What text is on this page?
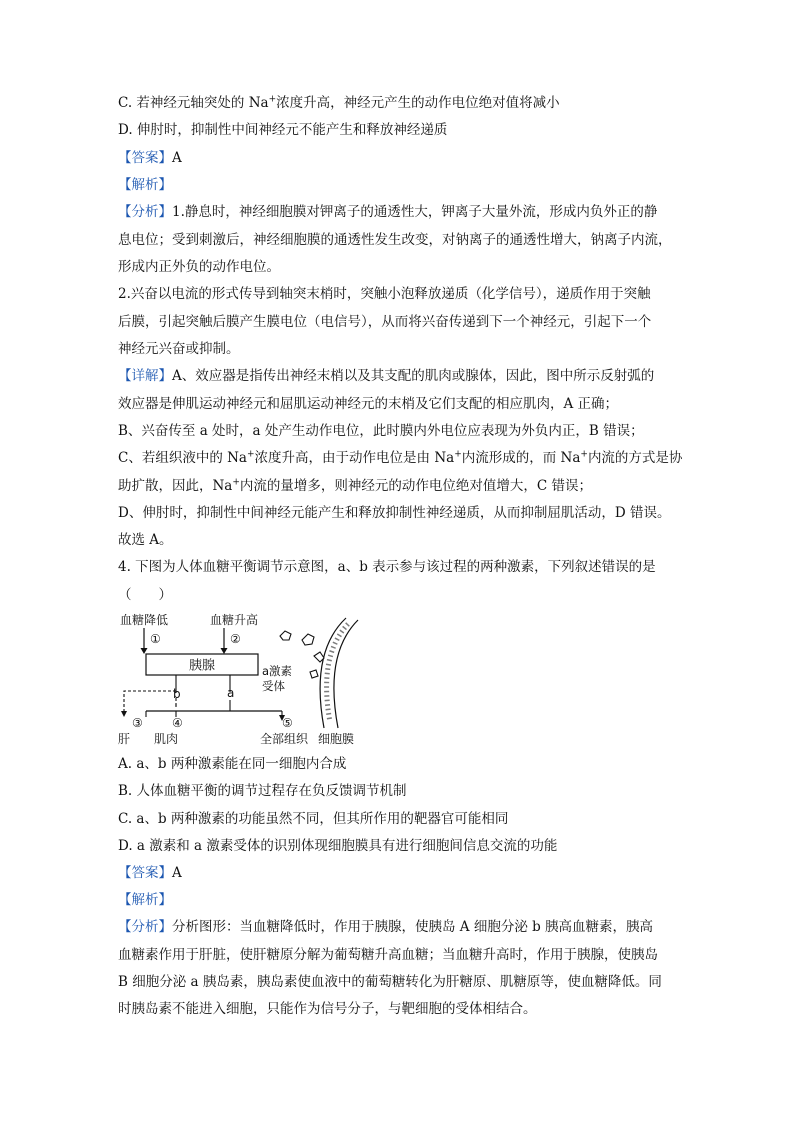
C. 若神经元轴突处的 Na+浓度升高，神经元产生的动作电位绝对值将减小
D. 伸肘时，抑制性中间神经元不能产生和释放神经递质
【答案】A
【解析】
【分析】1.静息时，神经细胞膜对钾离子的通透性大，钾离子大量外流，形成内负外正的静
息电位；受到刺激后，神经细胞膜的通透性发生改变，对钠离子的通透性增大，钠离子内流，
形成内正外负的动作电位。
2.兴奋以电流的形式传导到轴突末梢时，突触小泡释放递质（化学信号），递质作用于突触
后膜，引起突触后膜产生膜电位（电信号），从而将兴奋传递到下一个神经元，引起下一个
神经元兴奋或抑制。
【详解】A、效应器是指传出神经末梢以及其支配的肌肉或腺体，因此，图中所示反射弧的
效应器是伸肌运动神经元和屈肌运动神经元的末梢及它们支配的相应肌肉，A 正确；
B、兴奋传至 a 处时，a 处产生动作电位，此时膜内外电位应表现为外负内正，B 错误；
C、若组织液中的 Na+浓度升高，由于动作电位是由 Na+内流形成的，而 Na+内流的方式是协
助扩散，因此，Na+内流的量增多，则神经元的动作电位绝对值增大，C 错误；
D、伸肘时，抑制性中间神经元能产生和释放抑制性神经递质，从而抑制屈肌活动，D 错误。
故选 A。
4. 下图为人体血糖平衡调节示意图，a、b 表示参与该过程的两种激素，下列叙述错误的是
（　　）
血糖降低	血糖升高
①	②
胰腺	a激素
受体
b	a
③ ④	⑤
肝 肌肉	全部组织 细胞膜
A. a、b 两种激素能在同一细胞内合成
B. 人体血糖平衡的调节过程存在负反馈调节机制
C. a、b 两种激素的功能虽然不同，但其所作用的靶器官可能相同
D. a 激素和 a 激素受体的识别体现细胞膜具有进行细胞间信息交流的功能
【答案】A
【解析】
【分析】分析图形：当血糖降低时，作用于胰腺，使胰岛 A 细胞分泌 b 胰高血糖素，胰高
血糖素作用于肝脏，使肝糖原分解为葡萄糖升高血糖；当血糖升高时，作用于胰腺，使胰岛
B 细胞分泌 a 胰岛素，胰岛素使血液中的葡萄糖转化为肝糖原、肌糖原等，使血糖降低。同
时胰岛素不能进入细胞，只能作为信号分子，与靶细胞的受体相结合。
